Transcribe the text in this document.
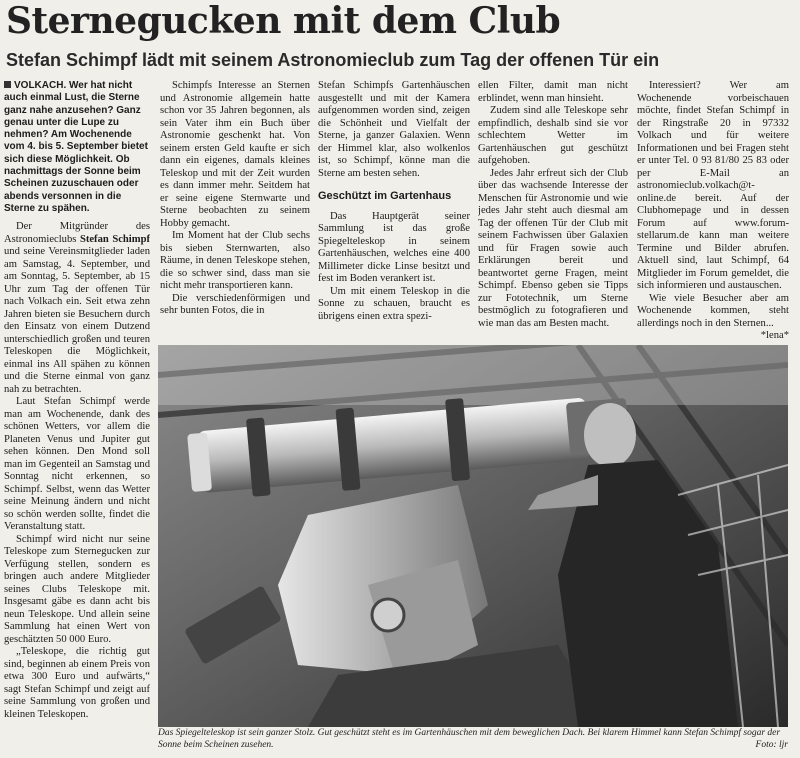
Sternegucken mit dem Club
Stefan Schimpf lädt mit seinem Astronomieclub zum Tag der offenen Tür ein
VOLKACH. Wer hat nicht auch einmal Lust, die Sterne ganz nahe anzusehen? Ganz genau unter die Lupe zu nehmen? Am Wochenende vom 4. bis 5. September bietet sich diese Möglichkeit. Ob nachmittags der Sonne beim Scheinen zuzuschauen oder abends versonnen in die Sterne zu spähen.

Der Mitgründer des Astronomieclubs Stefan Schimpf und seine Vereinsmitglieder laden am Samstag, 4. September, und am Sonntag, 5. September, ab 15 Uhr zum Tag der offenen Tür nach Volkach ein. Seit etwa zehn Jahren bieten sie Besuchern durch den Einsatz von einem Dutzend unterschiedlich großen und teuren Teleskopen die Möglichkeit, einmal ins All spähen zu können und die Sterne einmal von ganz nah zu betrachten.

Laut Stefan Schimpf werde man am Wochenende, dank des schönen Wetters, vor allem die Planeten Venus und Jupiter gut sehen können. Den Mond soll man im Gegenteil an Samstag und Sonntag nicht erkennen, so Schimpf. Selbst, wenn das Wetter seine Meinung ändern und nicht so schön werden sollte, findet die Veranstaltung statt.

Schimpf wird nicht nur seine Teleskope zum Sternegucken zur Verfügung stellen, sondern es bringen auch andere Mitglieder seines Clubs Teleskope mit. Insgesamt gäbe es dann acht bis neun Teleskope. Und allein seine Sammlung hat einen Wert von geschätzten 50 000 Euro.

„Teleskope, die richtig gut sind, beginnen ab einem Preis von etwa 300 Euro und aufwärts,“ sagt Stefan Schimpf und zeigt auf seine Sammlung von großen und kleinen Teleskopen.

Schimpfs Interesse an Sternen und Astronomie allgemein hatte schon vor 35 Jahren begonnen, als sein Vater ihm ein Buch über Astronomie geschenkt hat. Von seinem ersten Geld kaufte er sich dann ein eigenes, damals kleines Teleskop und mit der Zeit wurden es dann immer mehr. Seitdem hat er seine eigene Sternwarte und Sterne beobachten zu seinem Hobby gemacht.

Im Moment hat der Club sechs bis sieben Sternwarten, also Räume, in denen Teleskope stehen, die so schwer sind, dass man sie nicht mehr transportieren kann.

Die verschiedenförmigen und sehr bunten Fotos, die in

Stefan Schimpfs Gartenhäuschen ausgestellt und mit der Kamera aufgenommen worden sind, zeigen die Schönheit und Vielfalt der Sterne, ja ganzer Galaxien. Wenn der Himmel klar, also wolkenlos ist, so Schimpf, könne man die Sterne am besten sehen.

Geschützt im Gartenhaus

Das Hauptgerät seiner Sammlung ist das große Spiegelteleskop in seinem Gartenhäuschen, welches eine 400 Millimeter dicke Linse besitzt und fest im Boden verankert ist.

Um mit einem Teleskop in die Sonne zu schauen, braucht es übrigens einen extra spezi-

ellen Filter, damit man nicht erblindet, wenn man hinsieht.

Zudem sind alle Teleskope sehr empfindlich, deshalb sind sie vor schlechtem Wetter im Gartenhäuschen gut geschützt aufgehoben.

Jedes Jahr erfreut sich der Club über das wachsende Interesse der Menschen für Astronomie und wie jedes Jahr steht auch diesmal am Tag der offenen Tür der Club mit seinem Fachwissen über Galaxien und für Fragen sowie auch Erklärungen bereit und beantwortet gerne Fragen, meint Schimpf. Ebenso geben sie Tipps zur Fototechnik, um Sterne bestmöglich zu fotografieren und wie man das am Besten macht.

Interessiert? Wer am Wochenende vorbeischauen möchte, findet Stefan Schimpf in der Ringstraße 20 in 97332 Volkach und für weitere Informationen und bei Fragen steht er unter Tel. 0 93 81/80 25 83 oder per E-Mail an astronomieclub.volkach@t-online.de bereit. Auf der Clubhomepage und in dessen Forum auf www.forum-stellarum.de kann man weitere Termine und Bilder abrufen. Aktuell sind, laut Schimpf, 64 Mitglieder im Forum gemeldet, die sich informieren und austauschen.

Wie viele Besucher aber am Wochenende kommen, steht allerdings noch in den Sternen...

*lena*
Das Spiegelteleskop ist sein ganzer Stolz. Gut geschützt steht es im Gartenhäuschen mit dem beweglichen Dach. Bei klarem Himmel kann Stefan Schimpf sogar der Sonne beim Scheinen zusehen.	Foto: ljr
